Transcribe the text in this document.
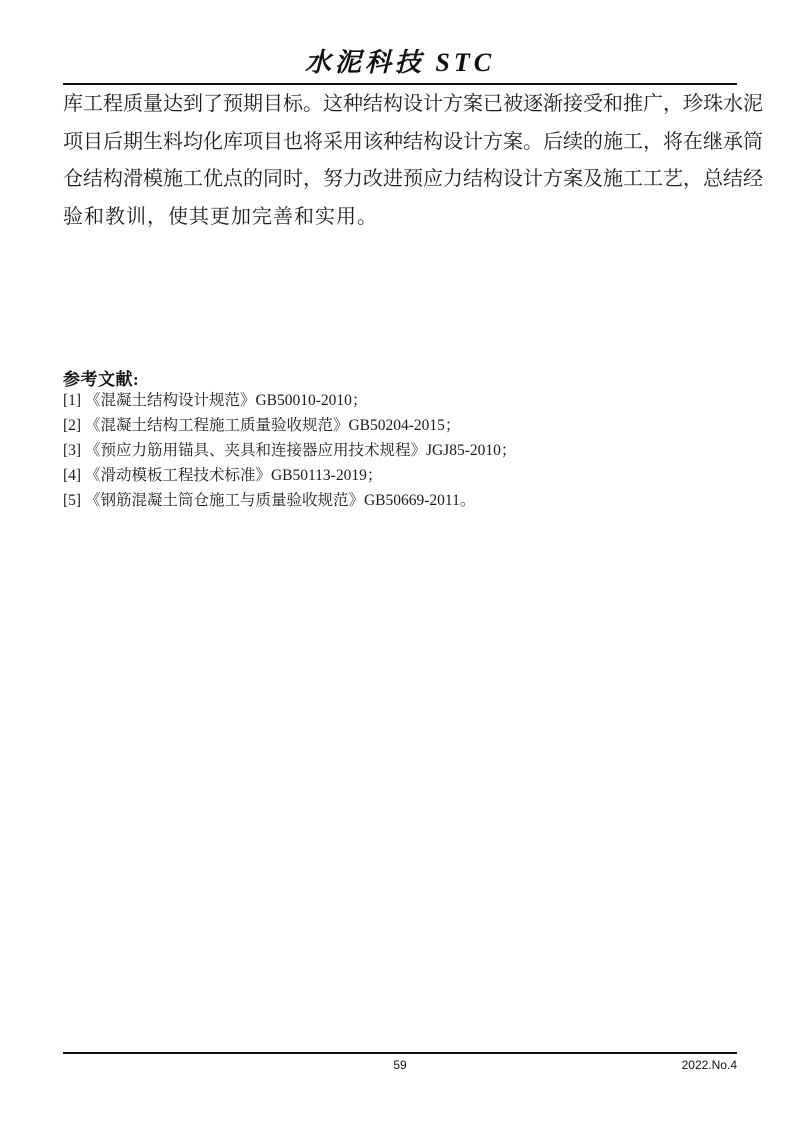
水泥科技 STC
库工程质量达到了预期目标。这种结构设计方案已被逐渐接受和推广，珍珠水泥
项目后期生料均化库项目也将采用该种结构设计方案。后续的施工，将在继承筒
仓结构滑模施工优点的同时，努力改进预应力结构设计方案及施工工艺，总结经
验和教训，使其更加完善和实用。
参考文献:
[1] 《混凝土结构设计规范》GB50010-2010；
[2] 《混凝土结构工程施工质量验收规范》GB50204-2015；
[3] 《预应力筋用锚具、夹具和连接器应用技术规程》JGJ85-2010；
[4] 《滑动模板工程技术标准》GB50113-2019；
[5] 《钢筋混凝土筒仓施工与质量验收规范》GB50669-2011。
59	2022.No.4
